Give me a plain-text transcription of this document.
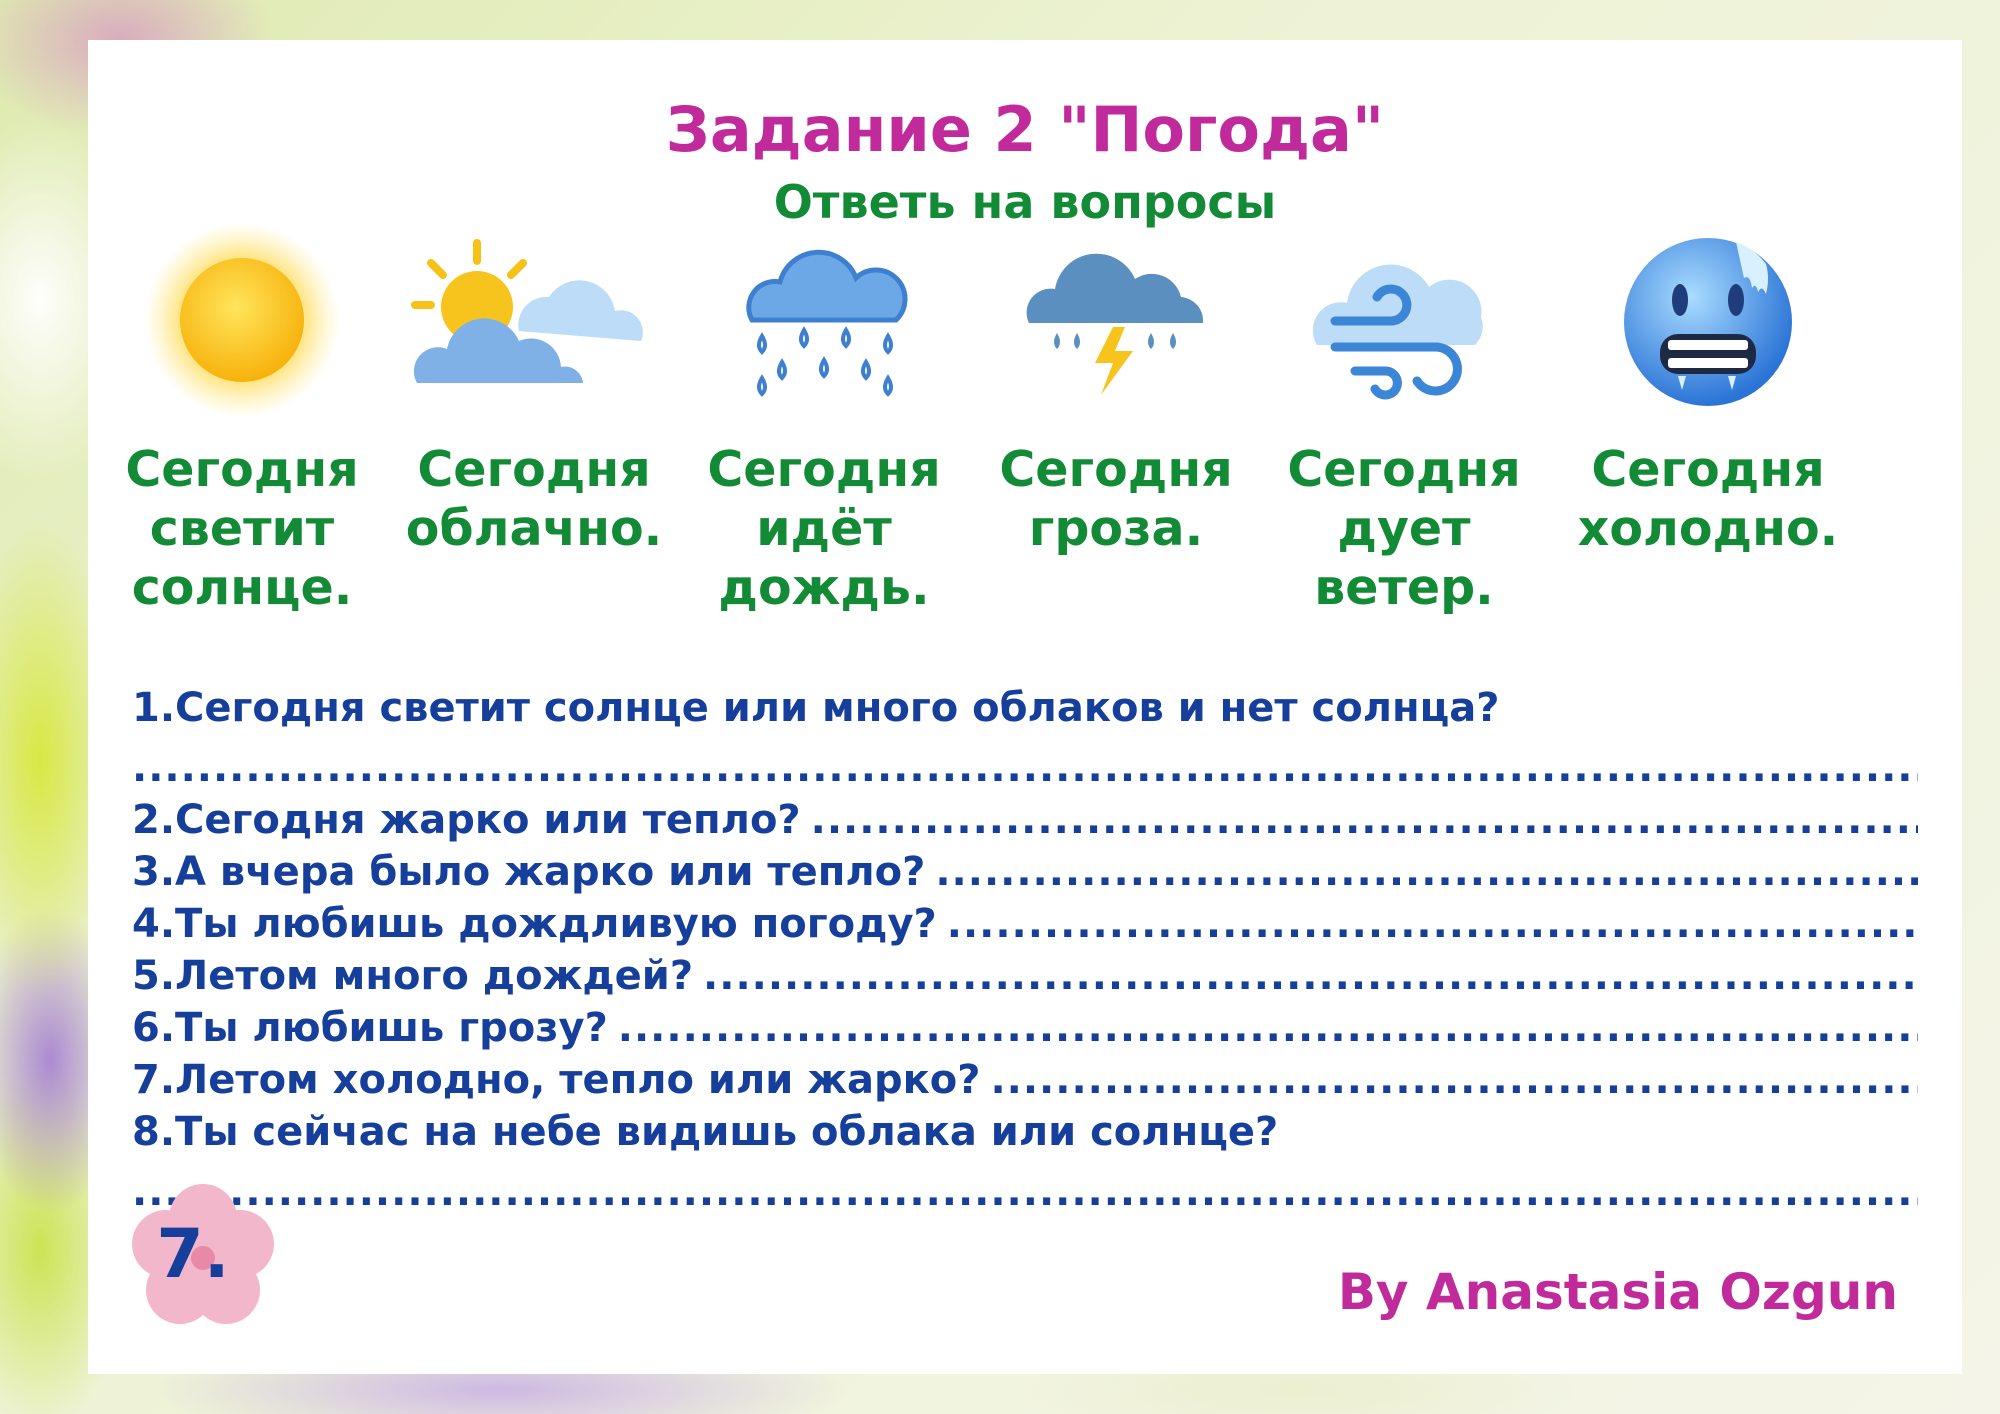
Задание 2 "Погода"
Ответь на вопросы
Сегодня
светит
солнце.
Сегодня
облачно.
Сегодня
идёт
дождь.
Сегодня
гроза.
Сегодня
дует
ветер.
Сегодня
холодно.
1.Сегодня светит солнце или много облаков и нет солнца?
.....
2.Сегодня жарко или тепло?
.....
3.А вчера было жарко или тепло?
.....
4.Ты любишь дождливую погоду?
.....
5.Летом много дождей?
.....
6.Ты любишь грозу?
.....
7.Летом холодно, тепло или жарко?
.....
8.Ты сейчас на небе видишь облака или солнце?
.....
7.	By Anastasia Ozgun
